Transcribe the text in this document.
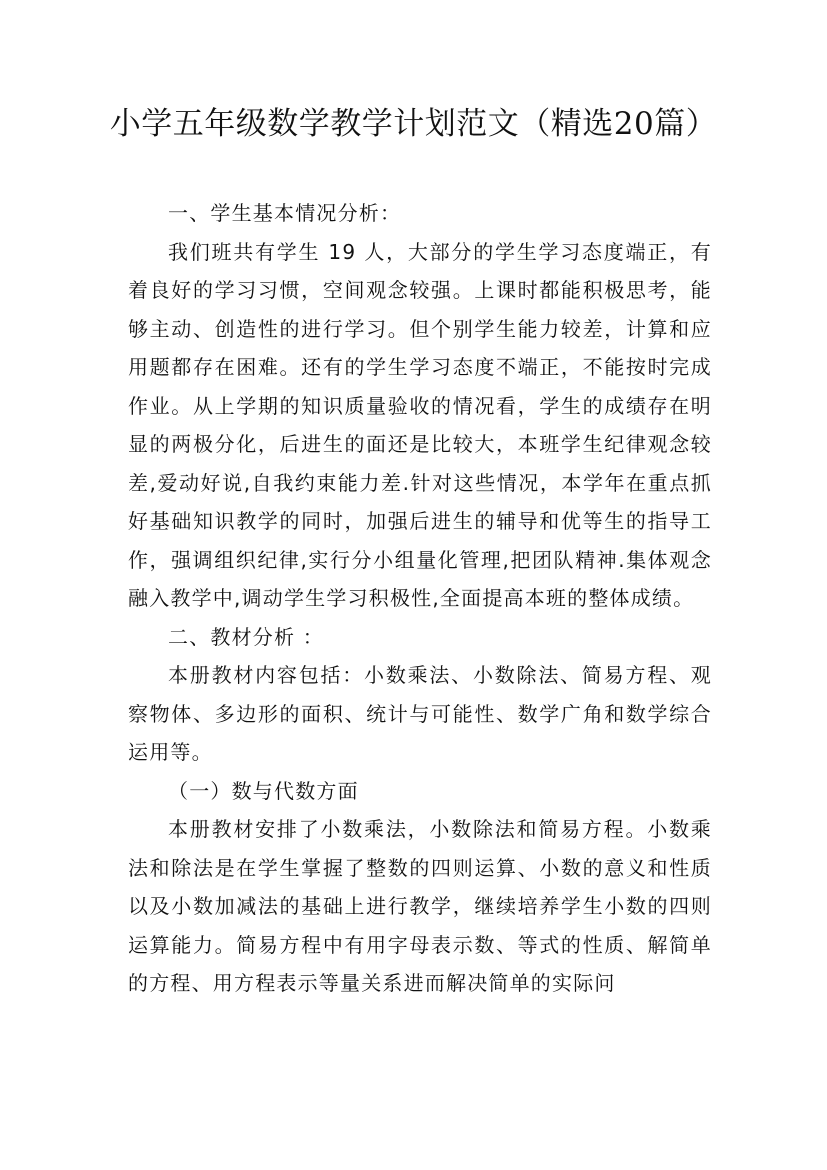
小学五年级数学教学计划范文（精选20篇）

一、学生基本情况分析：

我们班共有学生 19 人，大部分的学生学习态度端正，有着良好的学习习惯，空间观念较强。上课时都能积极思考，能够主动、创造性的进行学习。但个别学生能力较差，计算和应用题都存在困难。还有的学生学习态度不端正，不能按时完成作业。从上学期的知识质量验收的情况看，学生的成绩存在明显的两极分化，后进生的面还是比较大，本班学生纪律观念较差,爱动好说,自我约束能力差.针对这些情况，本学年在重点抓好基础知识教学的同时，加强后进生的辅导和优等生的指导工作，强调组织纪律,实行分小组量化管理,把团队精神.集体观念融入教学中,调动学生学习积极性,全面提高本班的整体成绩。

二、教材分析 ：

本册教材内容包括：小数乘法、小数除法、简易方程、观察物体、多边形的面积、统计与可能性、数学广角和数学综合运用等。

（一）数与代数方面

本册教材安排了小数乘法，小数除法和简易方程。小数乘法和除法是在学生掌握了整数的四则运算、小数的意义和性质以及小数加减法的基础上进行教学，继续培养学生小数的四则运算能力。简易方程中有用字母表示数、等式的性质、解简单的方程、用方程表示等量关系进而解决简单的实际问
